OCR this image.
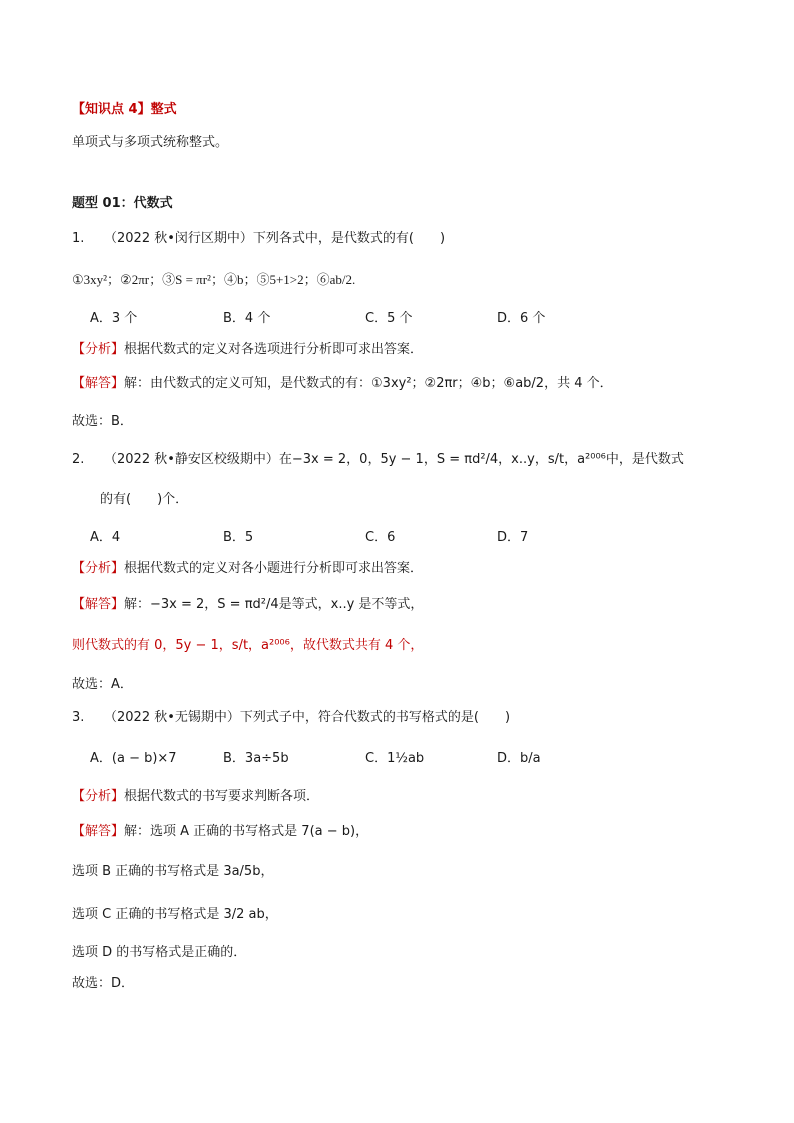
【知识点 4】整式
单项式与多项式统称整式。
题型 01：代数式
1. （2022 秋•闵行区期中）下列各式中，是代数式的有(　　)
①3xy²；②2πr；③S = πr²；④b；⑤5+1>2；⑥ab/2.
A．3 个	B．4 个	C．5 个	D．6 个
【分析】根据代数式的定义对各选项进行分析即可求出答案．
【解答】解：由代数式的定义可知，是代数式的有：①3xy²；②2πr；④b；⑥ab/2，共 4 个．
故选：B．
2. （2022 秋•静安区校级期中）在−3x = 2，0，5y − 1，S = πd²/4，x..y，s/t，a²⁰⁰⁶中，是代数式
的有(　　)个．
A．4	B．5	C．6	D．7
【分析】根据代数式的定义对各小题进行分析即可求出答案．
【解答】解：−3x = 2，S = πd²/4是等式，x..y 是不等式，
则代数式的有 0，5y − 1，s/t，a²⁰⁰⁶，故代数式共有 4 个，
故选：A．
3. （2022 秋•无锡期中）下列式子中，符合代数式的书写格式的是(　　)
A．(a − b)×7	B．3a÷5b	C．1½ab	D．b/a
【分析】根据代数式的书写要求判断各项．
【解答】解：选项 A 正确的书写格式是 7(a − b)，
选项 B 正确的书写格式是 3a/5b，
选项 C 正确的书写格式是 3/2 ab，
选项 D 的书写格式是正确的．
故选：D．
